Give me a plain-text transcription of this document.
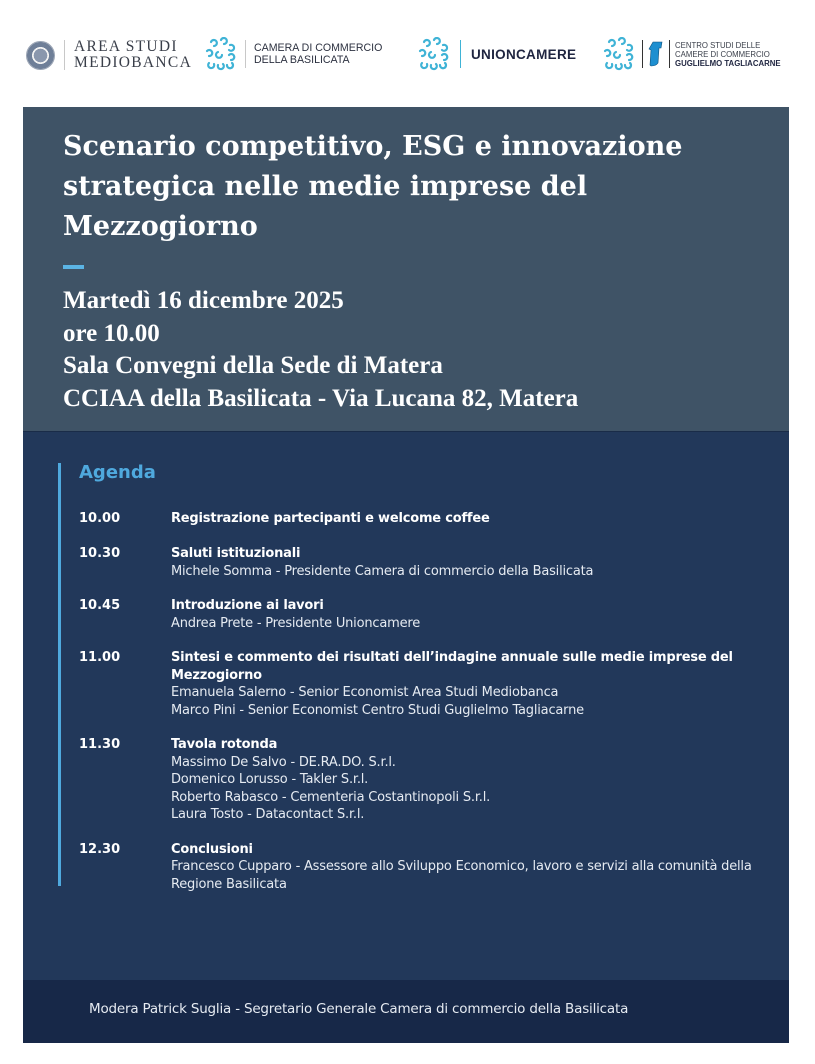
AREA STUDI
MEDIOBANCA
CAMERA DI COMMERCIO
DELLA BASILICATA	UNIONCAMERE
CENTRO STUDI DELLE
CAMERE DI COMMERCIO
GUGLIELMO TAGLIACARNE
Scenario competitivo, ESG e innovazione
strategica nelle medie imprese del
Mezzogiorno
Martedì 16 dicembre 2025
ore 10.00
Sala Convegni della Sede di Matera
CCIAA della Basilicata - Via Lucana 82, Matera
Agenda
10.00	Registrazione partecipanti e welcome coffee
10.30	Saluti istituzionali
Michele Somma - Presidente Camera di commercio della Basilicata
10.45	Introduzione ai lavori
Andrea Prete - Presidente Unioncamere
11.00	Sintesi e commento dei risultati dell’indagine annuale sulle medie imprese del Mezzogiorno
Emanuela Salerno - Senior Economist Area Studi Mediobanca
Marco Pini - Senior Economist Centro Studi Guglielmo Tagliacarne
11.30	Tavola rotonda
Massimo De Salvo - DE.RA.DO. S.r.l.
Domenico Lorusso - Takler S.r.l.
Roberto Rabasco - Cementeria Costantinopoli S.r.l.
Laura Tosto - Datacontact S.r.l.
12.30	Conclusioni
Francesco Cupparo - Assessore allo Sviluppo Economico, lavoro e servizi alla comunità della Regione Basilicata
Modera Patrick Suglia - Segretario Generale Camera di commercio della Basilicata
